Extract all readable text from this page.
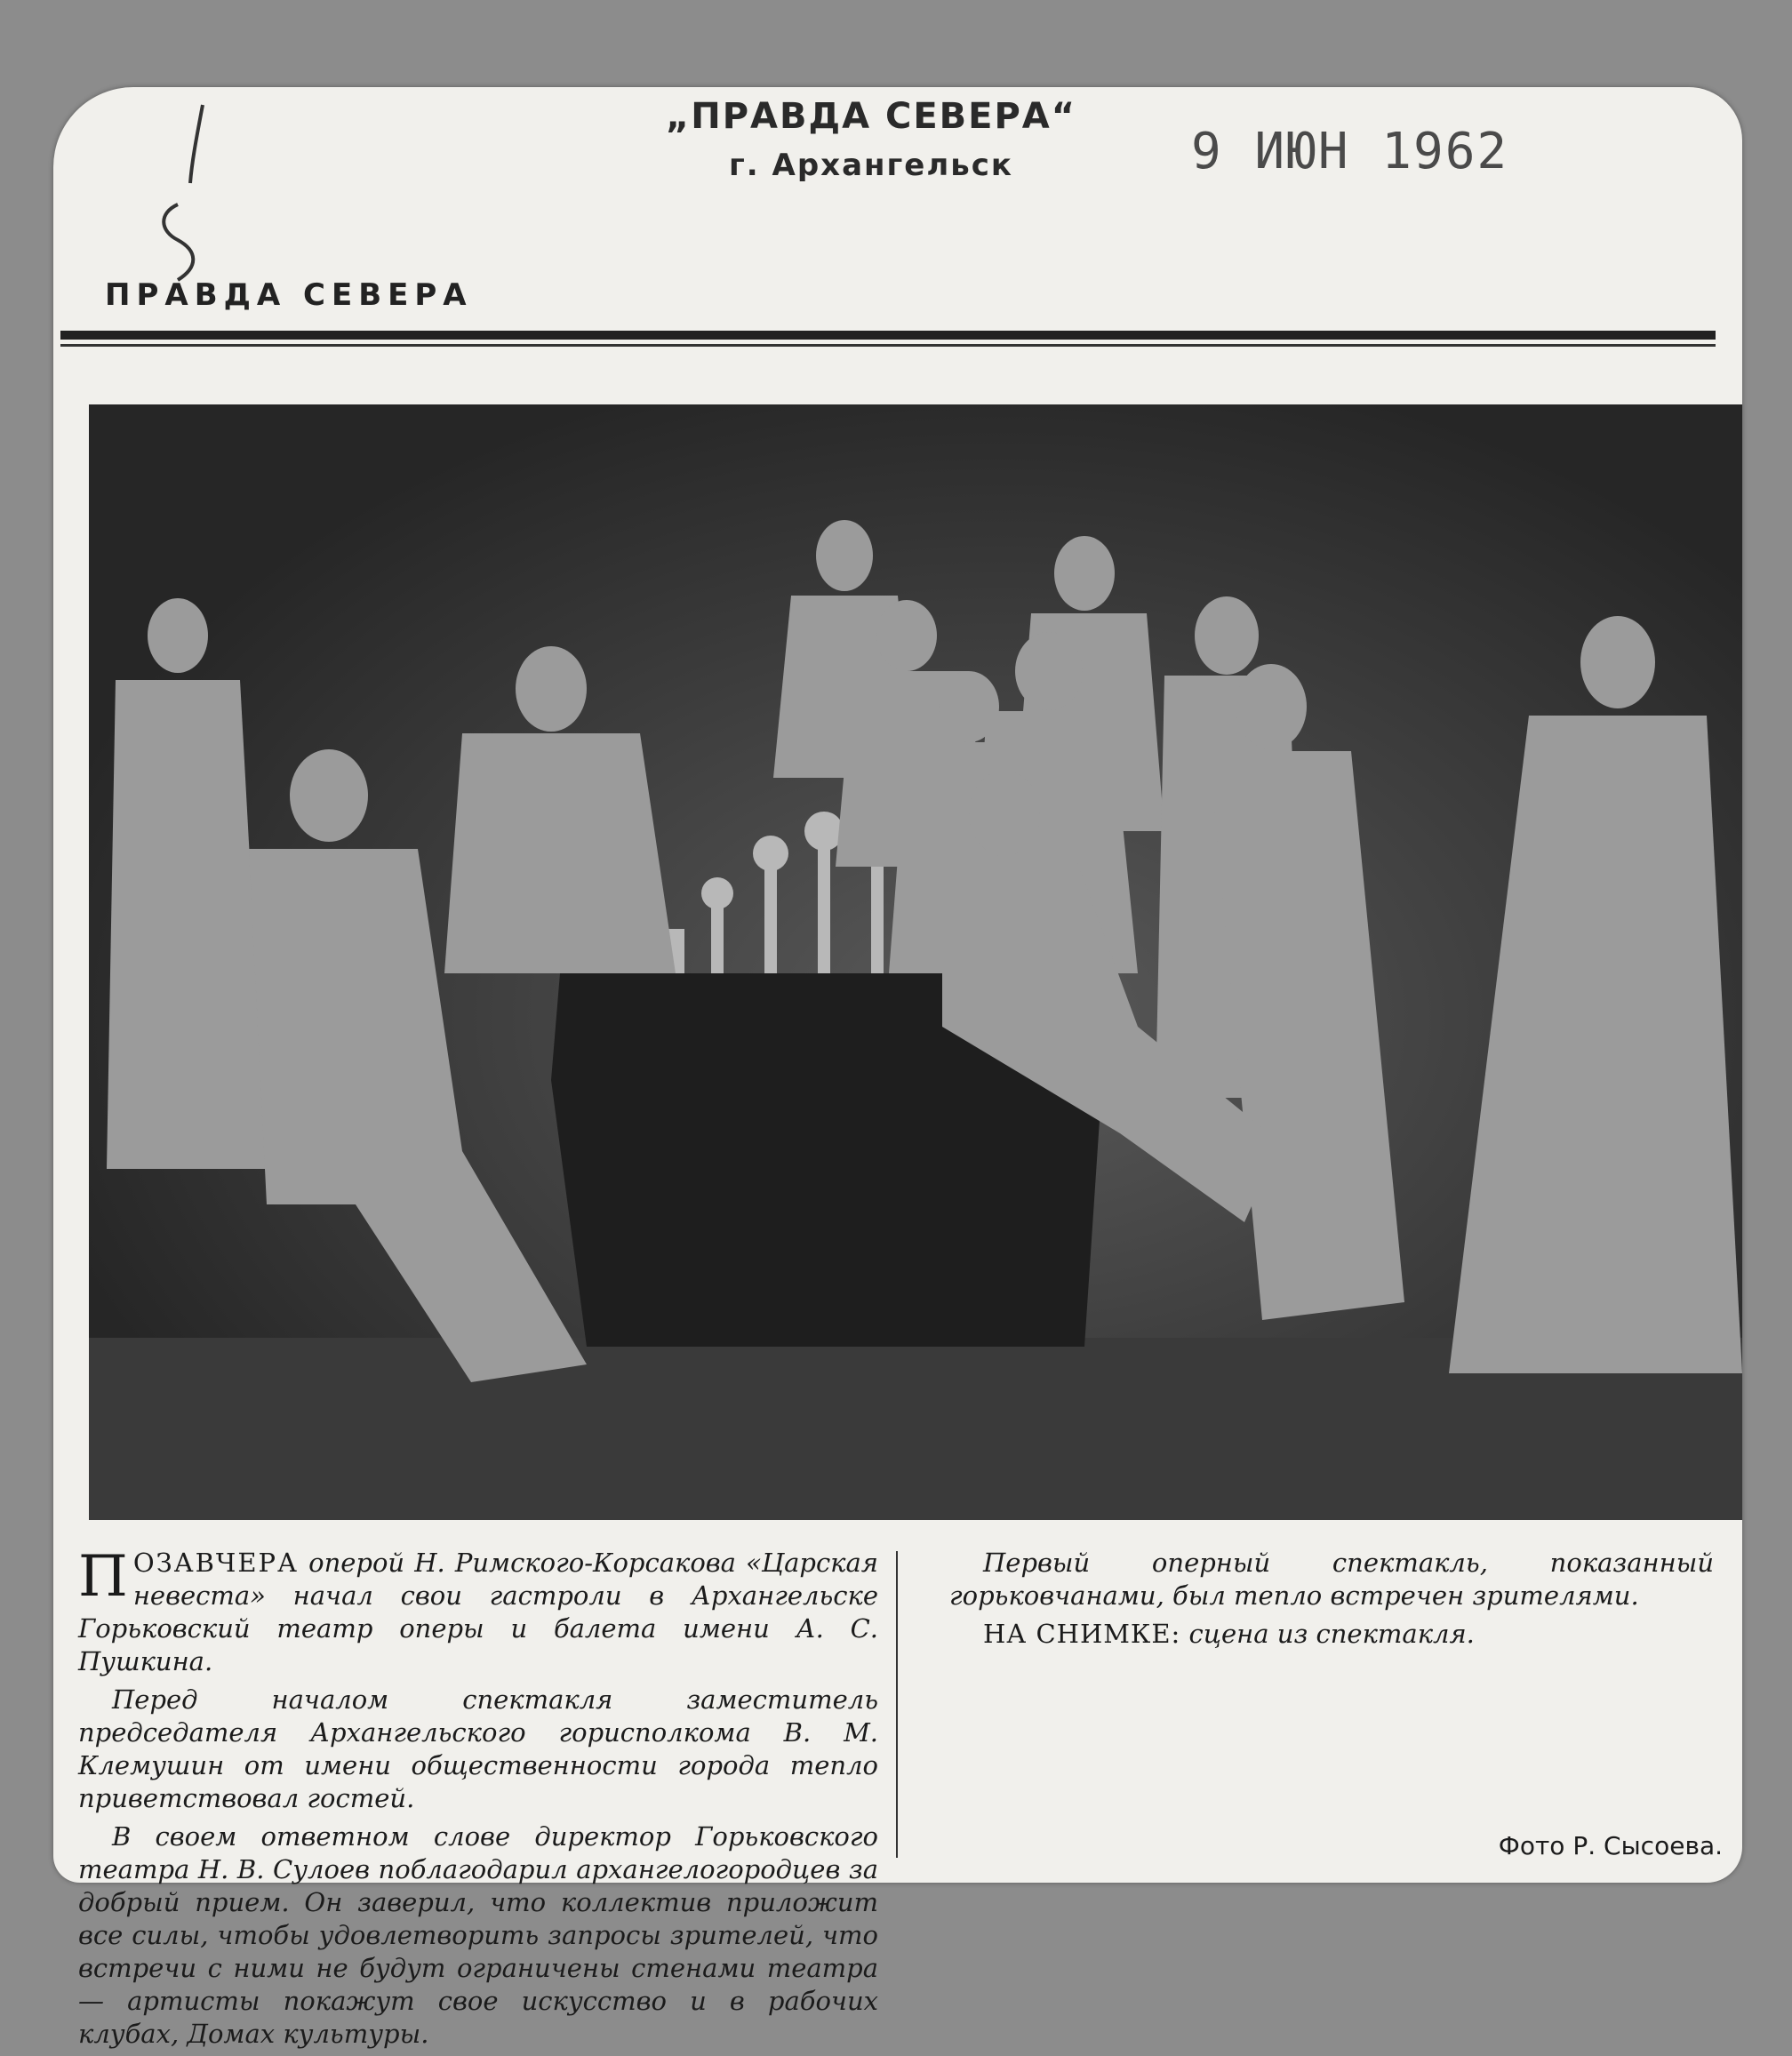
„ПРАВДА СЕВЕРА“
г. Архангельск	9 ИЮН 1962
ПРАВДА СЕВЕРА

ПОЗАВЧЕРА оперой Н. Римского-Корсакова «Царская невеста» начал свои гастроли в Архангельске Горьковский театр оперы и балета имени А. С. Пушкина.

Перед началом спектакля заместитель председателя Архангельского горисполкома В. М. Клемушин от имени общественности города тепло приветствовал гостей.

В своем ответном слове директор Горьковского театра Н. В. Сулоев поблагодарил архангелогородцев за добрый прием. Он заверил, что коллектив приложит все силы, чтобы удовлетворить запросы зрителей, что встречи с ними не будут ограничены стенами театра — артисты покажут свое искусство и в рабочих клубах, Домах культуры.

Первый оперный спектакль, показанный горьковчанами, был тепло встречен зрителями.

НА СНИМКЕ: сцена из спектакля.

Фото Р. Сысоева.
